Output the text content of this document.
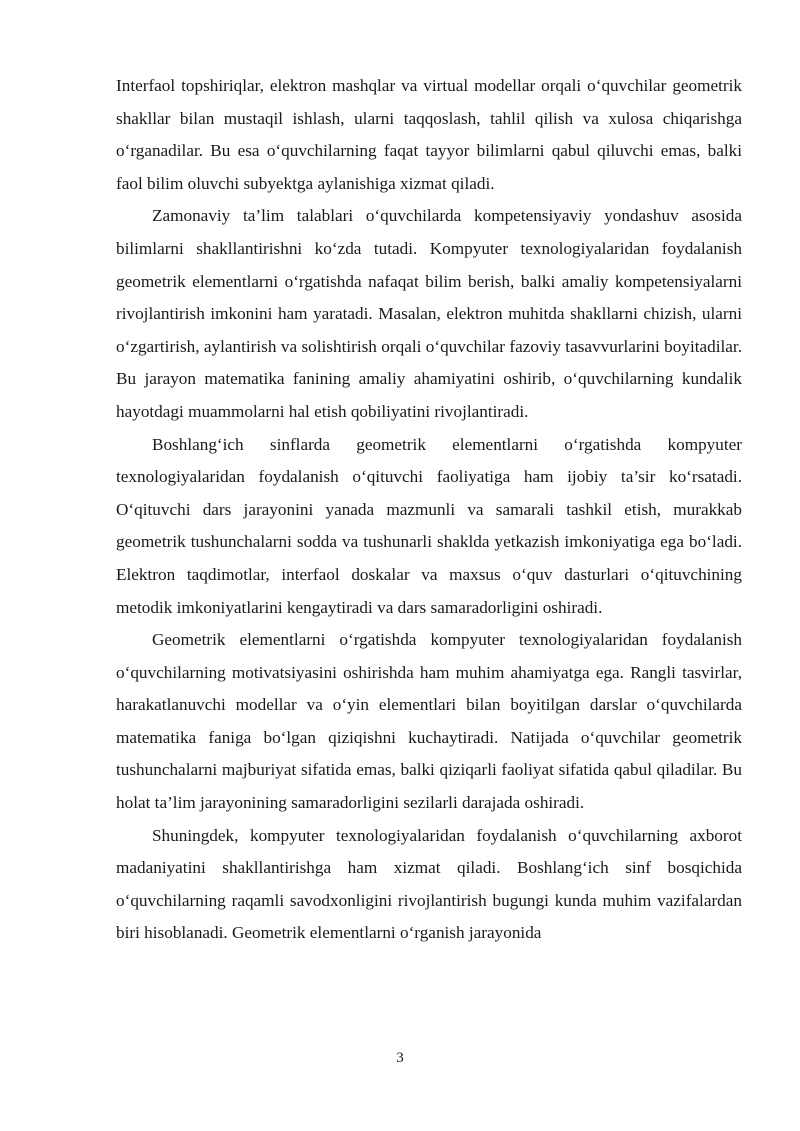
Interfaol topshiriqlar, elektron mashqlar va virtual modellar orqali o‘quvchilar geometrik shakllar bilan mustaqil ishlash, ularni taqqoslash, tahlil qilish va xulosa chiqarishga o‘rganadilar. Bu esa o‘quvchilarning faqat tayyor bilimlarni qabul qiluvchi emas, balki faol bilim oluvchi subyektga aylanishiga xizmat qiladi.

Zamonaviy ta’lim talablari o‘quvchilarda kompetensiyaviy yondashuv asosida bilimlarni shakllantirishni ko‘zda tutadi. Kompyuter texnologiyalaridan foydalanish geometrik elementlarni o‘rgatishda nafaqat bilim berish, balki amaliy kompetensiyalarni rivojlantirish imkonini ham yaratadi. Masalan, elektron muhitda shakllarni chizish, ularni o‘zgartirish, aylantirish va solishtirish orqali o‘quvchilar fazoviy tasavvurlarini boyitadilar. Bu jarayon matematika fanining amaliy ahamiyatini oshirib, o‘quvchilarning kundalik hayotdagi muammolarni hal etish qobiliyatini rivojlantiradi.

Boshlang‘ich sinflarda geometrik elementlarni o‘rgatishda kompyuter texnologiyalaridan foydalanish o‘qituvchi faoliyatiga ham ijobiy ta’sir ko‘rsatadi. O‘qituvchi dars jarayonini yanada mazmunli va samarali tashkil etish, murakkab geometrik tushunchalarni sodda va tushunarli shaklda yetkazish imkoniyatiga ega bo‘ladi. Elektron taqdimotlar, interfaol doskalar va maxsus o‘quv dasturlari o‘qituvchining metodik imkoniyatlarini kengaytiradi va dars samaradorligini oshiradi.

Geometrik elementlarni o‘rgatishda kompyuter texnologiyalaridan foydalanish o‘quvchilarning motivatsiyasini oshirishda ham muhim ahamiyatga ega. Rangli tasvirlar, harakatlanuvchi modellar va o‘yin elementlari bilan boyitilgan darslar o‘quvchilarda matematika faniga bo‘lgan qiziqishni kuchaytiradi. Natijada o‘quvchilar geometrik tushunchalarni majburiyat sifatida emas, balki qiziqarli faoliyat sifatida qabul qiladilar. Bu holat ta’lim jarayonining samaradorligini sezilarli darajada oshiradi.

Shuningdek, kompyuter texnologiyalaridan foydalanish o‘quvchilarning axborot madaniyatini shakllantirishga ham xizmat qiladi. Boshlang‘ich sinf bosqichida o‘quvchilarning raqamli savodxonligini rivojlantirish bugungi kunda muhim vazifalardan biri hisoblanadi. Geometrik elementlarni o‘rganish jarayonida

3
